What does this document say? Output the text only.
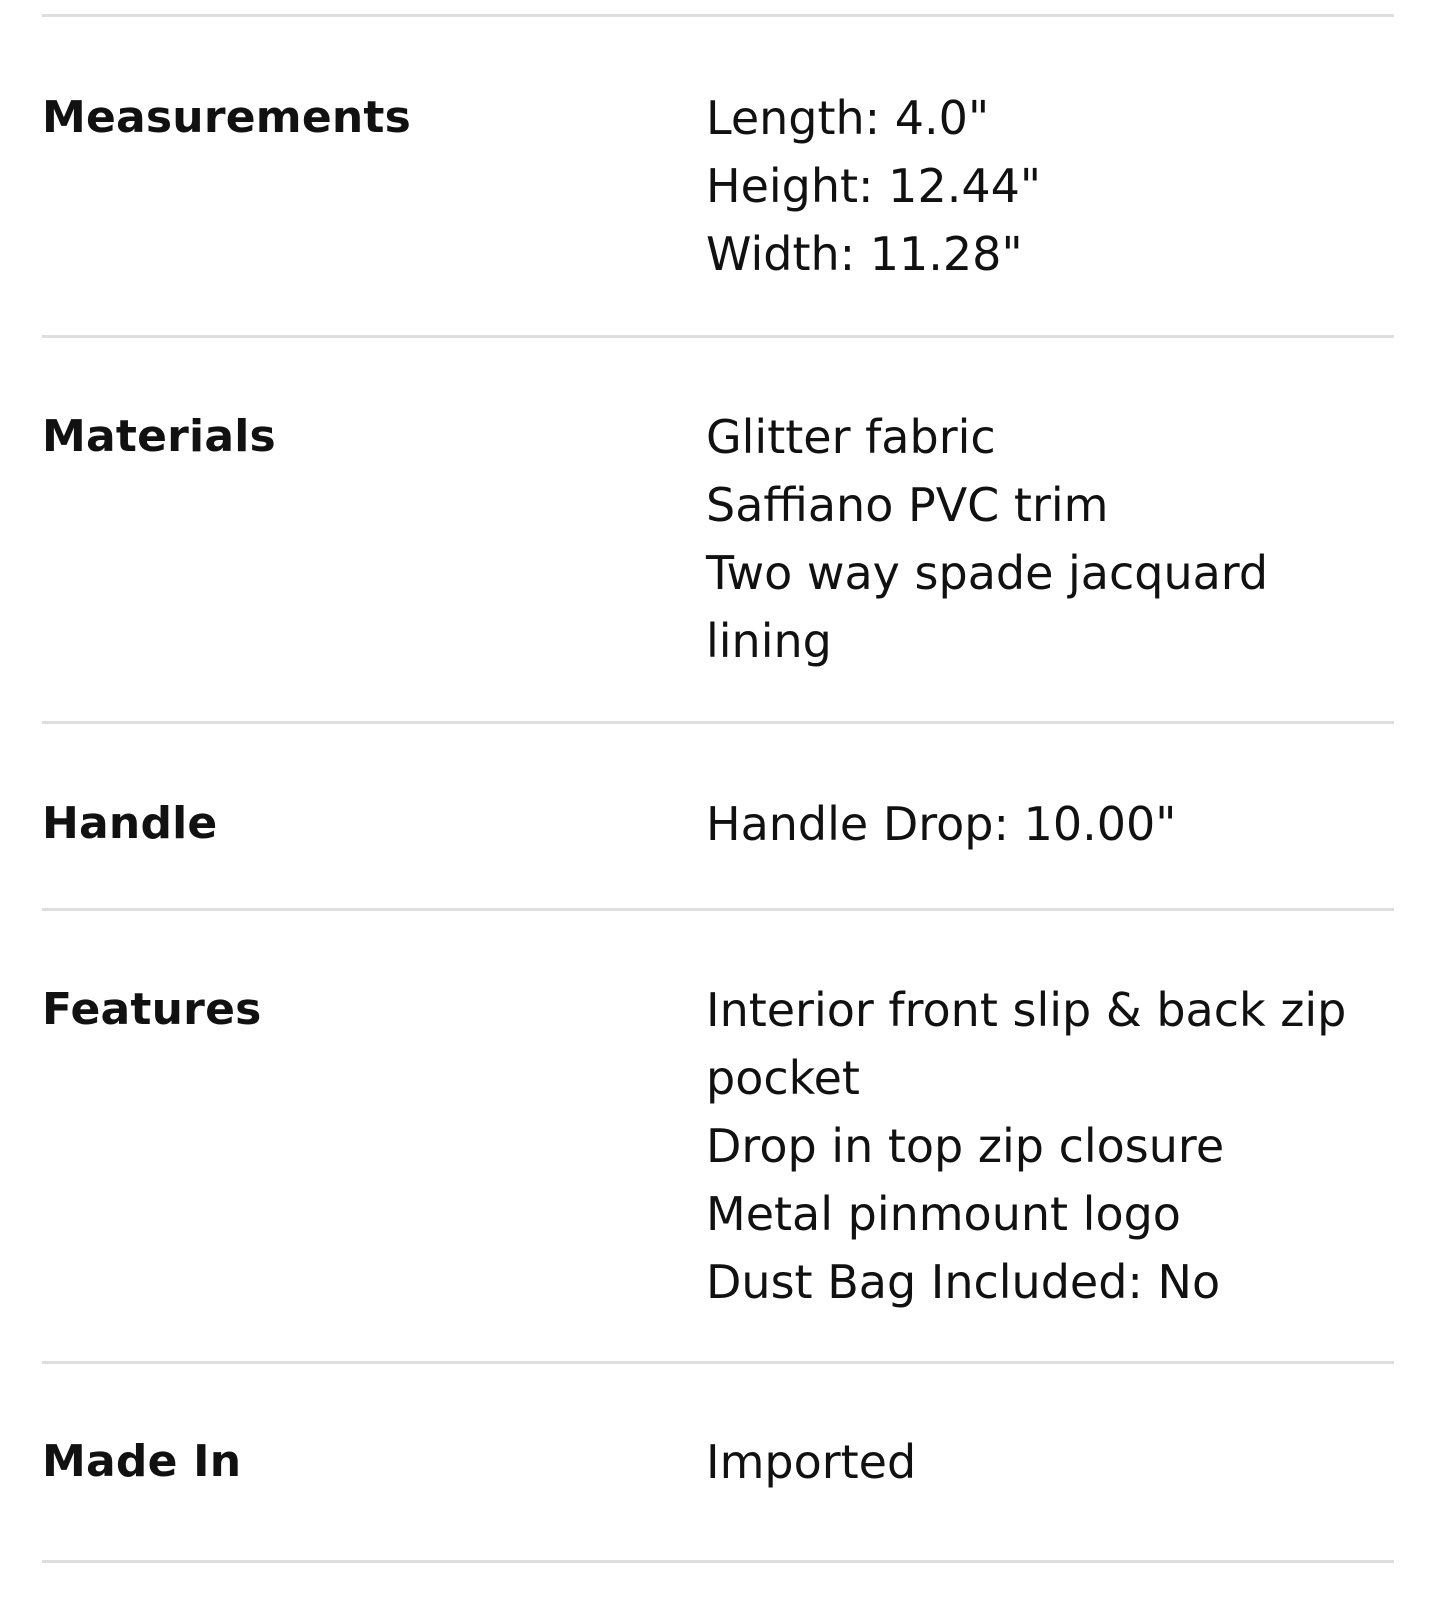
Measurements	Length: 4.0"
Height: 12.44"
Width: 11.28"
Materials	Glitter fabric
Saffiano PVC trim
Two way spade jacquard
lining
Handle	Handle Drop: 10.00"
Features	Interior front slip & back zip
pocket
Drop in top zip closure
Metal pinmount logo
Dust Bag Included: No
Made In	Imported
